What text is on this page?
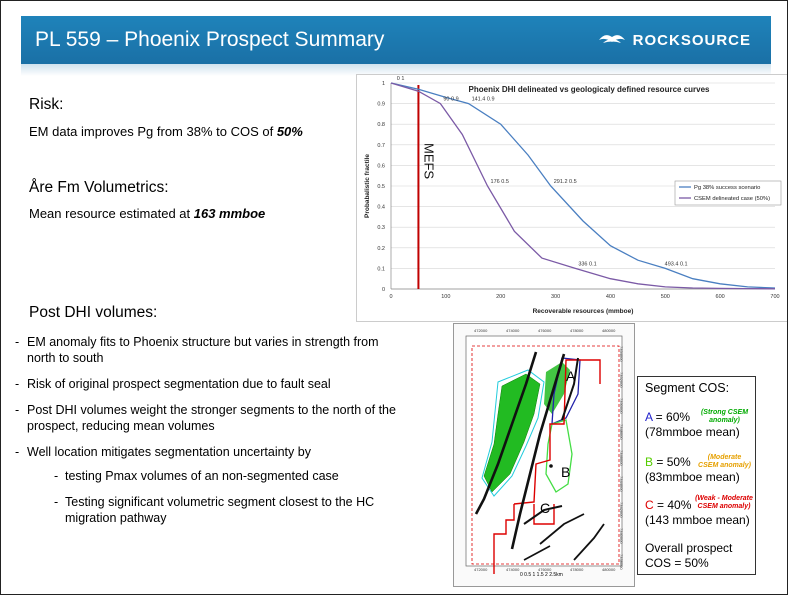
PL 559 – Phoenix Prospect Summary	ROCKSOURCE
Risk:
EM data improves Pg from 38% to COS of 50%
Åre Fm Volumetrics:
Mean resource estimated at 163 mmboe
Post DHI volumes:
- EM anomaly fits to Phoenix structure but varies in strength from north to south
- Risk of original prospect segmentation due to fault seal
- Post DHI volumes weight the stronger segments to the north of the prospect, reducing mean volumes
- Well location mitigates segmentation uncertainty by
- testing Pmax volumes of an non-segmented case
- Testing significant volumetric segment closest to the HC migration pathway
0
0.1
0.2
0.3
0.4
0.5
0.6
0.7
0.8
0.9
1
0	100	200	300	400	500	600	700
Phoenix DHI delineated vs geologicaly defined resource curves
Recoverable resources (mmboe)
Probabalistic fractile	MEFS
0 1
90 0.9 141.4 0.9
176 0.5	291.2 0.5
336 0.1	493.4 0.1
Pg 38% success scenario
CSEM delineated case (50%)
A
B
C
472000	474000	476000	478000	480000
472000	474000	476000	478000	480000
7354000
7352000
7350000
7348000
7346000
7344000
7342000
7340000
7338000
0 0.5 1 1.5 2 2.5km
Segment COS:
A = 60%	(Strong CSEM anomaly)
(78mmboe mean)
B = 50%	(Moderate CSEM anomaly)
(83mmboe mean)
C = 40% (Weak - Moderate CSEM anomaly)
(143 mmboe mean)
Overall prospect
COS = 50%
